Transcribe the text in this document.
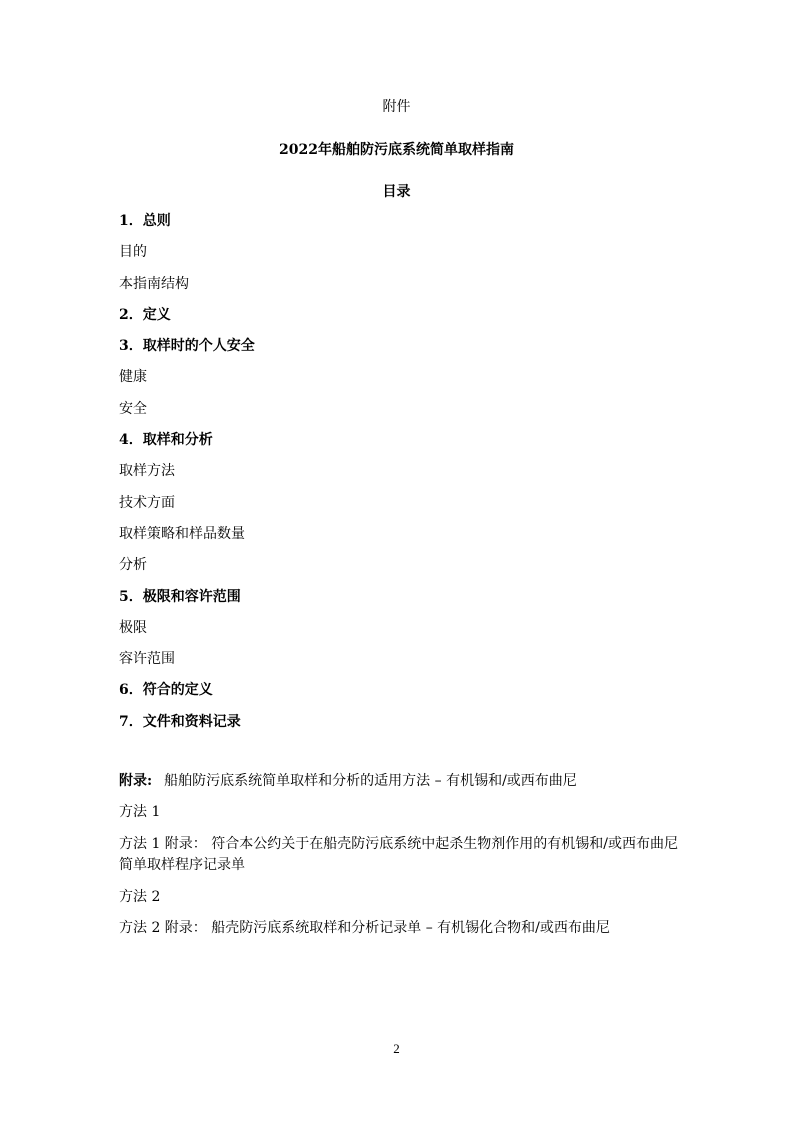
附件
2022年船舶防污底系统简单取样指南
目录
1．总则
目的
本指南结构
2．定义
3．取样时的个人安全
健康
安全
4．取样和分析
取样方法
技术方面
取样策略和样品数量
分析
5．极限和容许范围
极限
容许范围
6．符合的定义
7．文件和资料记录
附录: 船舶防污底系统简单取样和分析的适用方法 – 有机锡和/或西布曲尼
方法 1
方法 1 附录： 符合本公约关于在船壳防污底系统中起杀生物剂作用的有机锡和/或西布曲尼简单取样程序记录单
方法 2
方法 2 附录： 船壳防污底系统取样和分析记录单 – 有机锡化合物和/或西布曲尼
2
